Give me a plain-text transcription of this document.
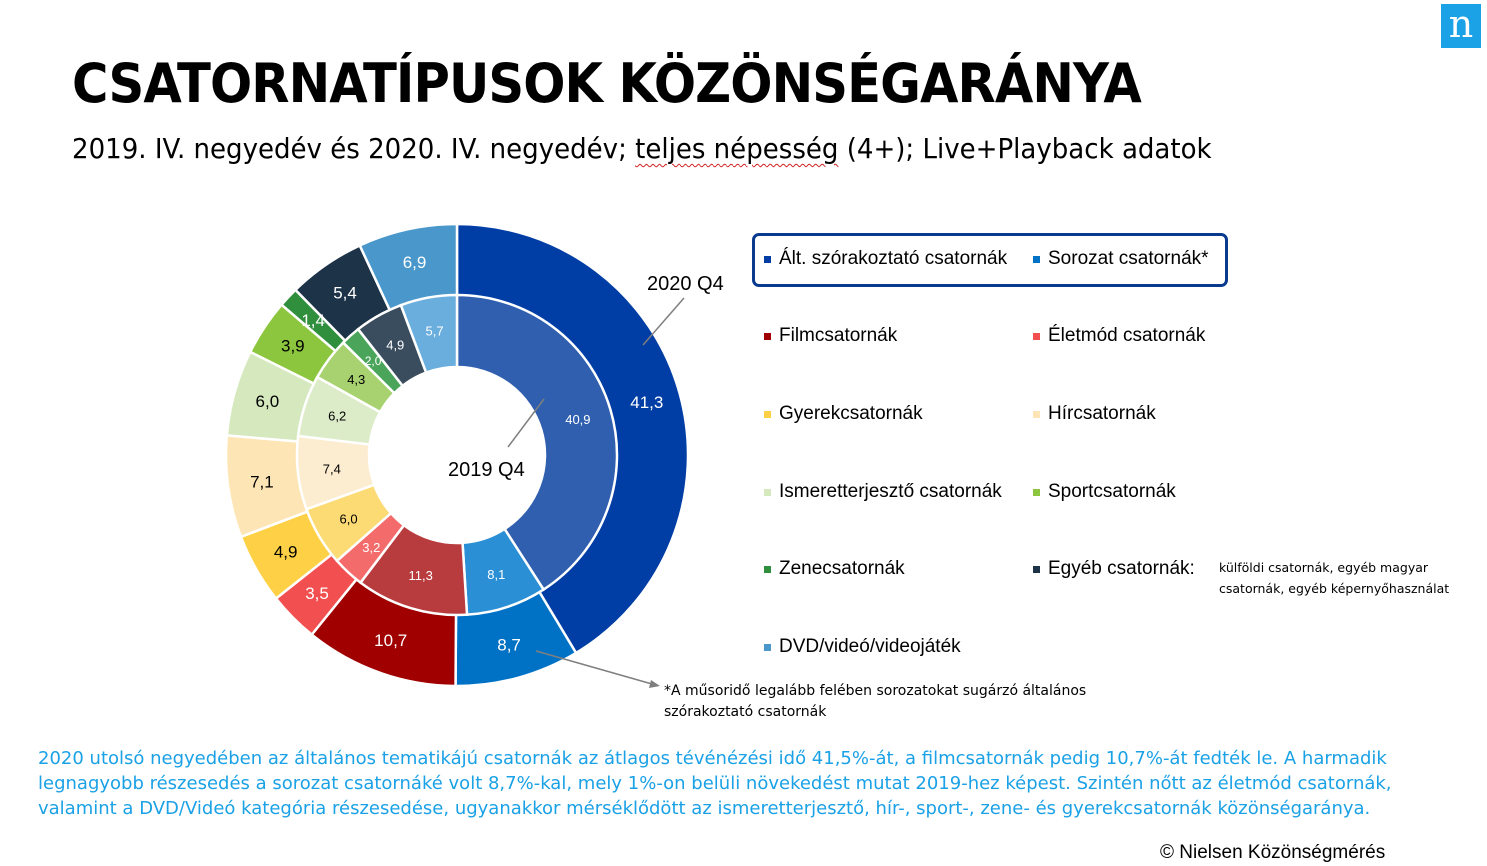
n
CSATORNATÍPUSOK KÖZÖNSÉGARÁNYA
2019. IV. negyedév és 2020. IV. negyedév; teljes népesség (4+); Live+Playback adatok
41,3
8,7
10,7
3,5
4,9
7,1
6,0
3,9
1,4
5,4
6,9
40,9
8,1
11,3
3,2
6,0
7,4
6,2
4,3
2,0
4,9
5,7
2020 Q4
2019 Q4
Ált. szórakoztató csatornák Sorozat csatornák*
Filmcsatornák	Életmód csatornák
Gyerekcsatornák	Hírcsatornák
Ismeretterjesztő csatornák Sportcsatornák
Zenecsatornák	Egyéb csatornák:
DVD/videó/videojáték
külföldi csatornák, egyéb magyar csatornák, egyéb képernyőhasználat
*A műsoridő legalább felében sorozatokat sugárzó általános szórakoztató csatornák

2020 utolsó negyedében az általános tematikájú csatornák az átlagos tévénézési idő 41,5%-át, a filmcsatornák pedig 10,7%-át fedték le. A harmadik legnagyobb részesedés a sorozat csatornáké volt 8,7%-kal, mely 1%-on belüli növekedést mutat 2019-hez képest. Szintén nőtt az életmód csatornák, valamint a DVD/Videó kategória részesedése, ugyanakkor mérséklődött az ismeretterjesztő, hír-, sport-, zene- és gyerekcsatornák közönségaránya.

© Nielsen Közönségmérés
